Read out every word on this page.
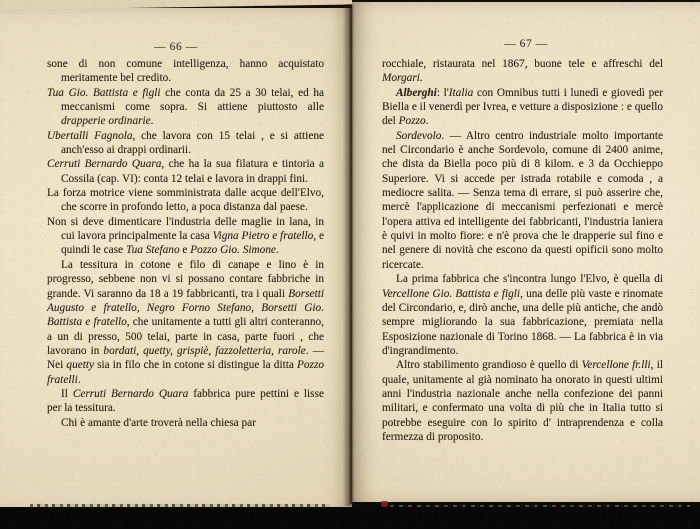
— 66 —

sone di non comune intelligenza, hanno acquistato meritamente bel credito.

Tua Gio. Battista e figli che conta da 25 a 30 telai, ed ha meccanismi come sopra. Si attiene piuttosto alle drapperie ordinarie.

Ubertalli Fagnola, che lavora con 15 telai , e si attiene anch'esso ai drappi ordinarii.

Cerruti Bernardo Quara, che ha la sua filatura e tintoria a Cossila (cap. VI): conta 12 telai e lavora in drappi fini.

La forza motrice viene somministrata dalle acque dell'Elvo, che scorre in profondo letto, a poca distanza dal paese.

Non si deve dimenticare l'industria delle maglie in lana, in cui lavora principalmente la casa Vigna Pietro e fratello, e quindi le case Tua Stefano e Pozzo Gio. Simone.

La tessitura in cotone e filo di canape e lino è in progresso, sebbene non vi si possano contare fabbriche in grande. Vi saranno da 18 a 19 fabbricanti, tra i quali Borsetti Augusto e fratello, Negro Forno Stefano, Borsetti Gio. Battista e fratello, che unitamente a tutti gli altri conteranno, a un di presso, 500 telai, parte in casa, parte fuori , che lavorano in bordati, quetty, grispiè, fazzoletteria, rarole. — Nei quetty sia in filo che in cotone si distingue la ditta Pozzo fratelli.

Il Cerruti Bernardo Quara fabbrica pure pettini e lisse per la tessitura.

Chi è amante d'arte troverà nella chiesa par

— 67 —

rocchiale, ristaurata nel 1867, buone tele e affreschi del Morgari.

Alberghi: l'Italia con Omnibus tutti i lunedì e giovedì per Biella e il venerdì per Ivrea, e vetture a disposizione : e quello del Pozzo.

Sordevolo. — Altro centro industriale molto importante nel Circondario è anche Sordevolo, comune di 2400 anime, che dista da Biella poco più di 8 kilom. e 3 da Occhieppo Superiore. Vi si accede per istrada rotabile e comoda , a mediocre salita. — Senza tema di errare, si può asserire che, mercè l'applicazione di meccanismi perfezionati e mercè l'opera attiva ed intelligente dei fabbricanti, l'industria laniera è quivi in molto fiore: e n'è prova che le drapperie sul fino e nel genere di novità che escono da questi opificii sono molto ricercate.

La prima fabbrica che s'incontra lungo l'Elvo, è quella di Vercellone Gio. Battista e figli, una delle più vaste e rinomate del Circondario, e, dirò anche, una delle più antiche, che andò sempre migliorando la sua fabbricazione, premiata nella Esposizione nazionale di Torino 1868. — La fabbrica è in via d'ingrandimento.

Altro stabilimento grandioso è quello di Vercellone fr.lli, il quale, unitamente al già nominato ha onorato in questi ultimi anni l'industria nazionale anche nella confezione dei panni militari, e confermato una volta di più che in Italia tutto si potrebbe eseguire con lo spirito d' intraprendenza e colla fermezza di proposito.
